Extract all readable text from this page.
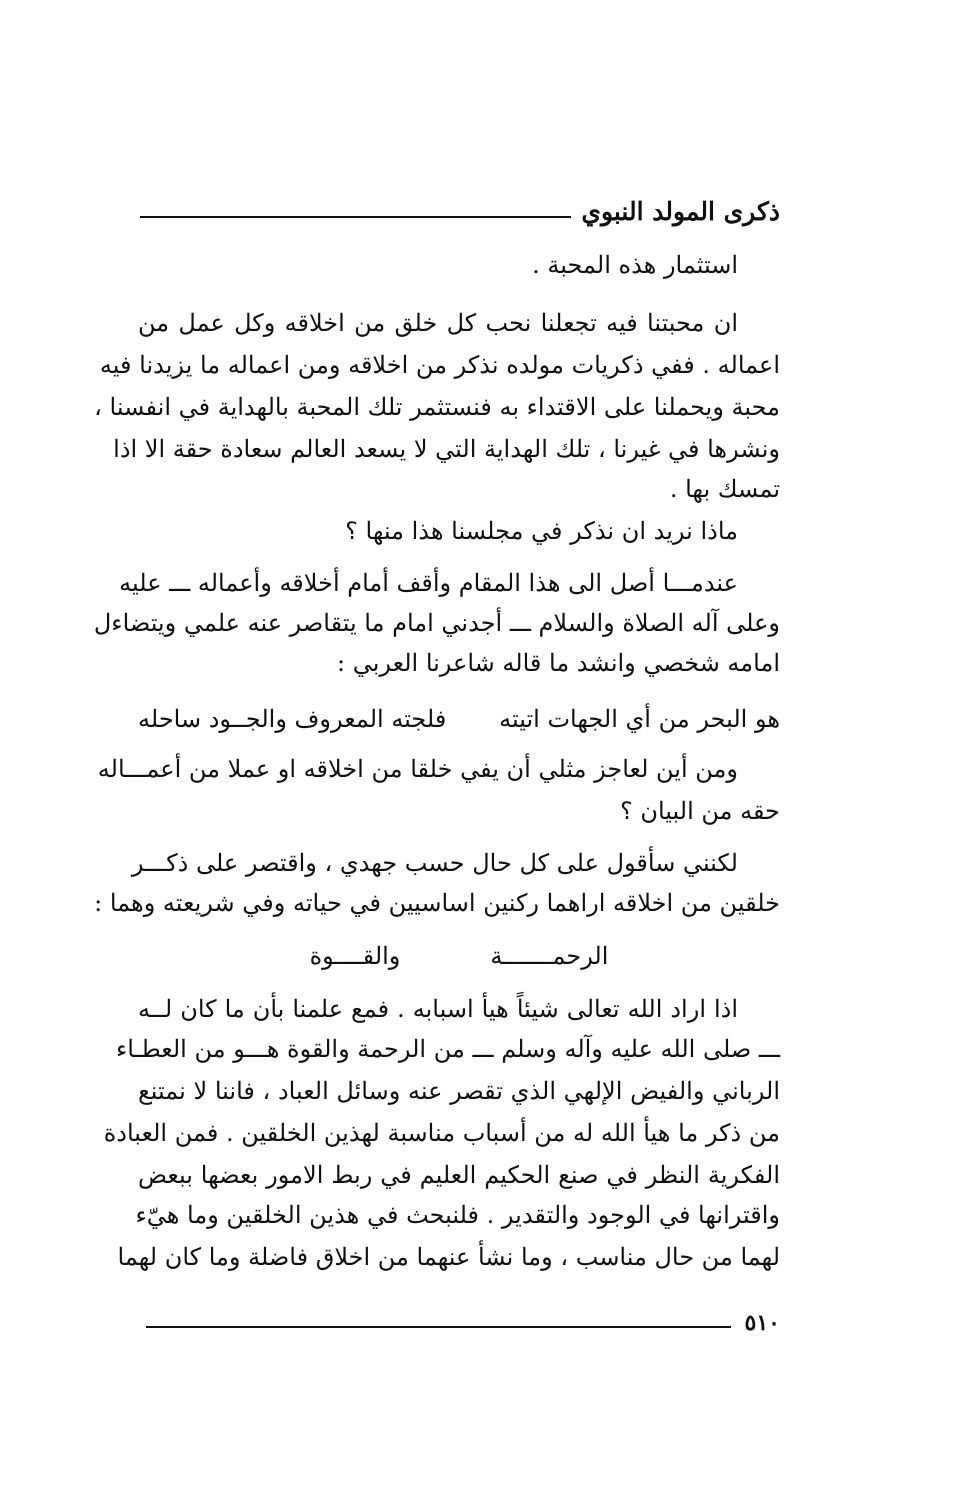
ذكرى المولد النبوي
استثمار هذه المحبة .
ان محبتنا فيه تجعلنا نحب كل خلق من اخلاقه وكل عمل من
اعماله . ففي ذكريات مولده نذكر من اخلاقه ومن اعماله ما يزيدنا فيه
محبة ويحملنا على الاقتداء به فنستثمر تلك المحبة بالهداية في انفسنا ،
ونشرها في غيرنا ، تلك الهداية التي لا يسعد العالم سعادة حقة الا اذا
تمسك بها .
ماذا نريد ان نذكر في مجلسنا هذا منها ؟
عندمـــا أصل الى هذا المقام وأقف أمام أخلاقه وأعماله ـــ عليه
وعلى آله الصلاة والسلام ـــ أجدني امام ما يتقاصر عنه علمي ويتضاءل
امامه شخصي وانشد ما قاله شاعرنا العربي :
هو البحر من أي الجهات اتيته
فلجته المعروف والجــود ساحله
ومن أين لعاجز مثلي أن يفي خلقا من اخلاقه او عملا من أعمـــاله
حقه من البيان ؟
لكنني سأقول على كل حال حسب جهدي ، واقتصر على ذكـــر
خلقين من اخلاقه اراهما ركنين اساسيين في حياته وفي شريعته وهما :
الرحمـــــــة
والقــــوة
اذا اراد الله تعالى شيئاً هيأ اسبابه . فمع علمنا بأن ما كان لــه
ـــ صلى الله عليه وآله وسلم ـــ من الرحمة والقوة هـــو من العطـاء
الرباني والفيض الإلهي الذي تقصر عنه وسائل العباد ، فاننا لا نمتنع
من ذكر ما هيأ الله له من أسباب مناسبة لهذين الخلقين . فمن العبادة
الفكرية النظر في صنع الحكيم العليم في ربط الامور بعضها ببعض
واقترانها في الوجود والتقدير . فلنبحث في هذين الخلقين وما هيّء
لهما من حال مناسب ، وما نشأ عنهما من اخلاق فاضلة وما كان لهما
٥١٠
